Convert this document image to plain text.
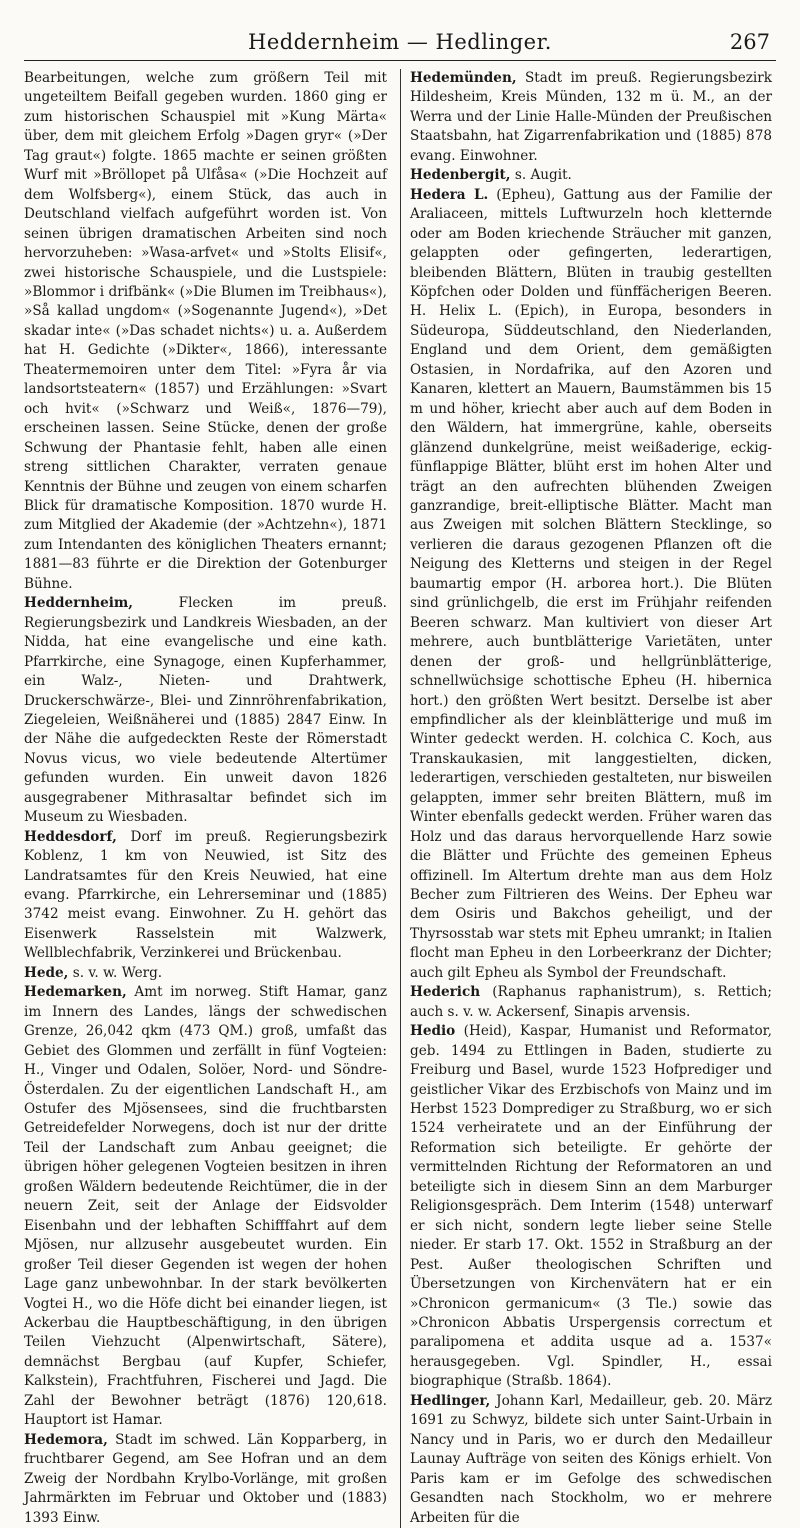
Heddernheim — Hedlinger.	267

Bearbeitungen, welche zum größern Teil mit ungeteiltem Beifall gegeben wurden. 1860 ging er zum historischen Schauspiel mit »Kung Märta« über, dem mit gleichem Erfolg »Dagen gryr« (»Der Tag graut«) folgte. 1865 machte er seinen größten Wurf mit »Bröllopet på Ulfåsa« (»Die Hochzeit auf dem Wolfsberg«), einem Stück, das auch in Deutschland vielfach aufgeführt worden ist. Von seinen übrigen dramatischen Arbeiten sind noch hervorzuheben: »Wasa-arfvet« und »Stolts Elisif«, zwei historische Schauspiele, und die Lustspiele: »Blommor i drifbänk« (»Die Blumen im Treibhaus«), »Så kallad ungdom« (»Sogenannte Jugend«), »Det skadar inte« (»Das schadet nichts«) u. a. Außerdem hat H. Gedichte (»Dikter«, 1866), interessante Theatermemoiren unter dem Titel: »Fyra år via landsortsteatern« (1857) und Erzählungen: »Svart och hvit« (»Schwarz und Weiß«, 1876—79), erscheinen lassen. Seine Stücke, denen der große Schwung der Phantasie fehlt, haben alle einen streng sittlichen Charakter, verraten genaue Kenntnis der Bühne und zeugen von einem scharfen Blick für dramatische Komposition. 1870 wurde H. zum Mitglied der Akademie (der »Achtzehn«), 1871 zum Intendanten des königlichen Theaters ernannt; 1881—83 führte er die Direktion der Gotenburger Bühne.

Heddernheim, Flecken im preuß. Regierungsbezirk und Landkreis Wiesbaden, an der Nidda, hat eine evangelische und eine kath. Pfarrkirche, eine Synagoge, einen Kupferhammer, ein Walz-, Nieten- und Drahtwerk, Druckerschwärze-, Blei- und Zinnröhrenfabrikation, Ziegeleien, Weißnäherei und (1885) 2847 Einw. In der Nähe die aufgedeckten Reste der Römerstadt Novus vicus, wo viele bedeutende Altertümer gefunden wurden. Ein unweit davon 1826 ausgegrabener Mithrasaltar befindet sich im Museum zu Wiesbaden.

Heddesdorf, Dorf im preuß. Regierungsbezirk Koblenz, 1 km von Neuwied, ist Sitz des Landratsamtes für den Kreis Neuwied, hat eine evang. Pfarrkirche, ein Lehrerseminar und (1885) 3742 meist evang. Einwohner. Zu H. gehört das Eisenwerk Rasselstein mit Walzwerk, Wellblechfabrik, Verzinkerei und Brückenbau.

Hede, s. v. w. Werg.

Hedemarken, Amt im norweg. Stift Hamar, ganz im Innern des Landes, längs der schwedischen Grenze, 26,042 qkm (473 QM.) groß, umfaßt das Gebiet des Glommen und zerfällt in fünf Vogteien: H., Vinger und Odalen, Solöer, Nord- und Söndre-Österdalen. Zu der eigentlichen Landschaft H., am Ostufer des Mjösensees, sind die fruchtbarsten Getreidefelder Norwegens, doch ist nur der dritte Teil der Landschaft zum Anbau geeignet; die übrigen höher gelegenen Vogteien besitzen in ihren großen Wäldern bedeutende Reichtümer, die in der neuern Zeit, seit der Anlage der Eidsvolder Eisenbahn und der lebhaften Schifffahrt auf dem Mjösen, nur allzusehr ausgebeutet wurden. Ein großer Teil dieser Gegenden ist wegen der hohen Lage ganz unbewohnbar. In der stark bevölkerten Vogtei H., wo die Höfe dicht bei einander liegen, ist Ackerbau die Hauptbeschäftigung, in den übrigen Teilen Viehzucht (Alpenwirtschaft, Sätere), demnächst Bergbau (auf Kupfer, Schiefer, Kalkstein), Frachtfuhren, Fischerei und Jagd. Die Zahl der Bewohner beträgt (1876) 120,618. Hauptort ist Hamar.

Hedemora, Stadt im schwed. Län Kopparberg, in fruchtbarer Gegend, am See Hofran und an dem Zweig der Nordbahn Krylbo-Vorlänge, mit großen Jahrmärkten im Februar und Oktober und (1883) 1393 Einw.

Hedemünden, Stadt im preuß. Regierungsbezirk Hildesheim, Kreis Münden, 132 m ü. M., an der Werra und der Linie Halle-Münden der Preußischen Staatsbahn, hat Zigarrenfabrikation und (1885) 878 evang. Einwohner.

Hedenbergit, s. Augit.

Hedera L. (Epheu), Gattung aus der Familie der Araliaceen, mittels Luftwurzeln hoch kletternde oder am Boden kriechende Sträucher mit ganzen, gelappten oder gefingerten, lederartigen, bleibenden Blättern, Blüten in traubig gestellten Köpfchen oder Dolden und fünffächerigen Beeren. H. Helix L. (Epich), in Europa, besonders in Südeuropa, Süddeutschland, den Niederlanden, England und dem Orient, dem gemäßigten Ostasien, in Nordafrika, auf den Azoren und Kanaren, klettert an Mauern, Baumstämmen bis 15 m und höher, kriecht aber auch auf dem Boden in den Wäldern, hat immergrüne, kahle, oberseits glänzend dunkelgrüne, meist weißaderige, eckig-fünflappige Blätter, blüht erst im hohen Alter und trägt an den aufrechten blühenden Zweigen ganzrandige, breit-elliptische Blätter. Macht man aus Zweigen mit solchen Blättern Stecklinge, so verlieren die daraus gezogenen Pflanzen oft die Neigung des Kletterns und steigen in der Regel baumartig empor (H. arborea hort.). Die Blüten sind grünlichgelb, die erst im Frühjahr reifenden Beeren schwarz. Man kultiviert von dieser Art mehrere, auch buntblätterige Varietäten, unter denen der groß- und hellgrünblätterige, schnellwüchsige schottische Epheu (H. hibernica hort.) den größten Wert besitzt. Derselbe ist aber empfindlicher als der kleinblätterige und muß im Winter gedeckt werden. H. colchica C. Koch, aus Transkaukasien, mit langgestielten, dicken, lederartigen, verschieden gestalteten, nur bisweilen gelappten, immer sehr breiten Blättern, muß im Winter ebenfalls gedeckt werden. Früher waren das Holz und das daraus hervorquellende Harz sowie die Blätter und Früchte des gemeinen Epheus offizinell. Im Altertum drehte man aus dem Holz Becher zum Filtrieren des Weins. Der Epheu war dem Osiris und Bakchos geheiligt, und der Thyrsosstab war stets mit Epheu umrankt; in Italien flocht man Epheu in den Lorbeerkranz der Dichter; auch gilt Epheu als Symbol der Freundschaft.

Hederich (Raphanus raphanistrum), s. Rettich; auch s. v. w. Ackersenf, Sinapis arvensis.

Hedio (Heid), Kaspar, Humanist und Reformator, geb. 1494 zu Ettlingen in Baden, studierte zu Freiburg und Basel, wurde 1523 Hofprediger und geistlicher Vikar des Erzbischofs von Mainz und im Herbst 1523 Domprediger zu Straßburg, wo er sich 1524 verheiratete und an der Einführung der Reformation sich beteiligte. Er gehörte der vermittelnden Richtung der Reformatoren an und beteiligte sich in diesem Sinn an dem Marburger Religionsgespräch. Dem Interim (1548) unterwarf er sich nicht, sondern legte lieber seine Stelle nieder. Er starb 17. Okt. 1552 in Straßburg an der Pest. Außer theologischen Schriften und Übersetzungen von Kirchenvätern hat er ein »Chronicon germanicum« (3 Tle.) sowie das »Chronicon Abbatis Urspergensis correctum et paralipomena et addita usque ad a. 1537« herausgegeben. Vgl. Spindler, H., essai biographique (Straßb. 1864).

Hedlinger, Johann Karl, Medailleur, geb. 20. März 1691 zu Schwyz, bildete sich unter Saint-Urbain in Nancy und in Paris, wo er durch den Medailleur Launay Aufträge von seiten des Königs erhielt. Von Paris kam er im Gefolge des schwedischen Gesandten nach Stockholm, wo er mehrere Arbeiten für die
